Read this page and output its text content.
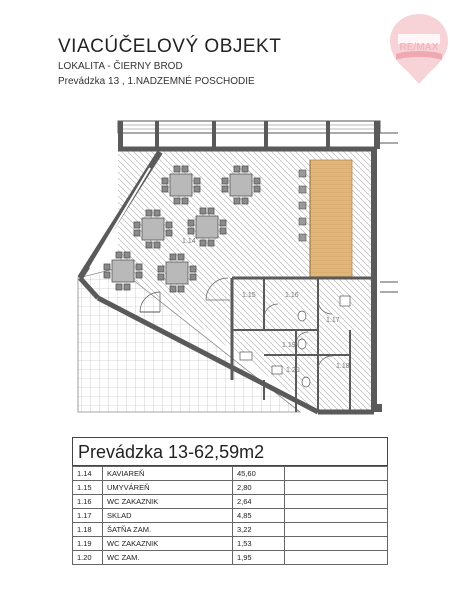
VIACÚČELOVÝ OBJEKT
LOKALITA - ČIERNY BROD
Prevádzka 13 , 1.NADZEMNÉ POSCHODIE
RE/MAX
1.14
1.15	1.16
1.17
1.18
1.19
1.20
Prevádzka 13-62,59m2
1.14	KAVIAREŇ	45,60	
1.15	UMYVÁREŇ	2,80	
1.16	WC ZAKAZNIK	2,64	
1.17	SKLAD	4,85	
1.18	ŠATŇA ZAM.	3,22	
1.19	WC ZAKAZNIK	1,53	
1.20	WC ZAM.	1,95	
